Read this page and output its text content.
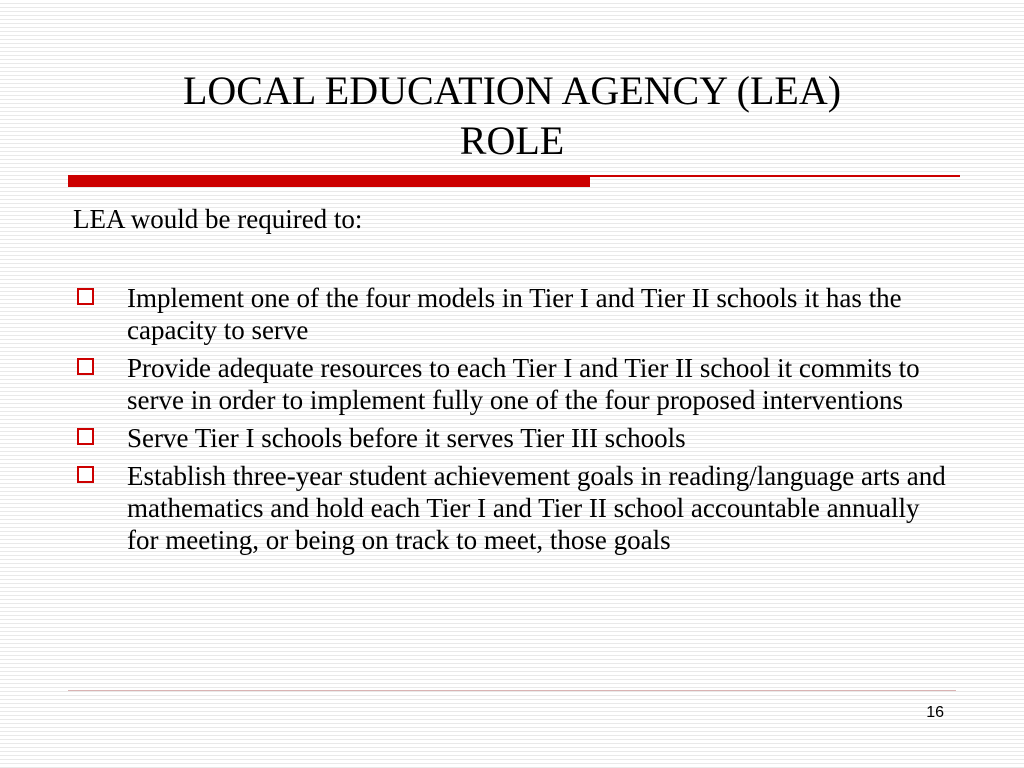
LOCAL EDUCATION AGENCY (LEA)
ROLE
LEA would be required to:
Implement one of the four models in Tier I and Tier II schools it has the capacity to serve
Provide adequate resources to each Tier I and Tier II school it commits to serve in order to implement fully one of the four proposed interventions
Serve Tier I schools before it serves Tier III schools
Establish three-year student achievement goals in reading/language arts and mathematics and hold each Tier I and Tier II school accountable annually for meeting, or being on track to meet, those goals
16
